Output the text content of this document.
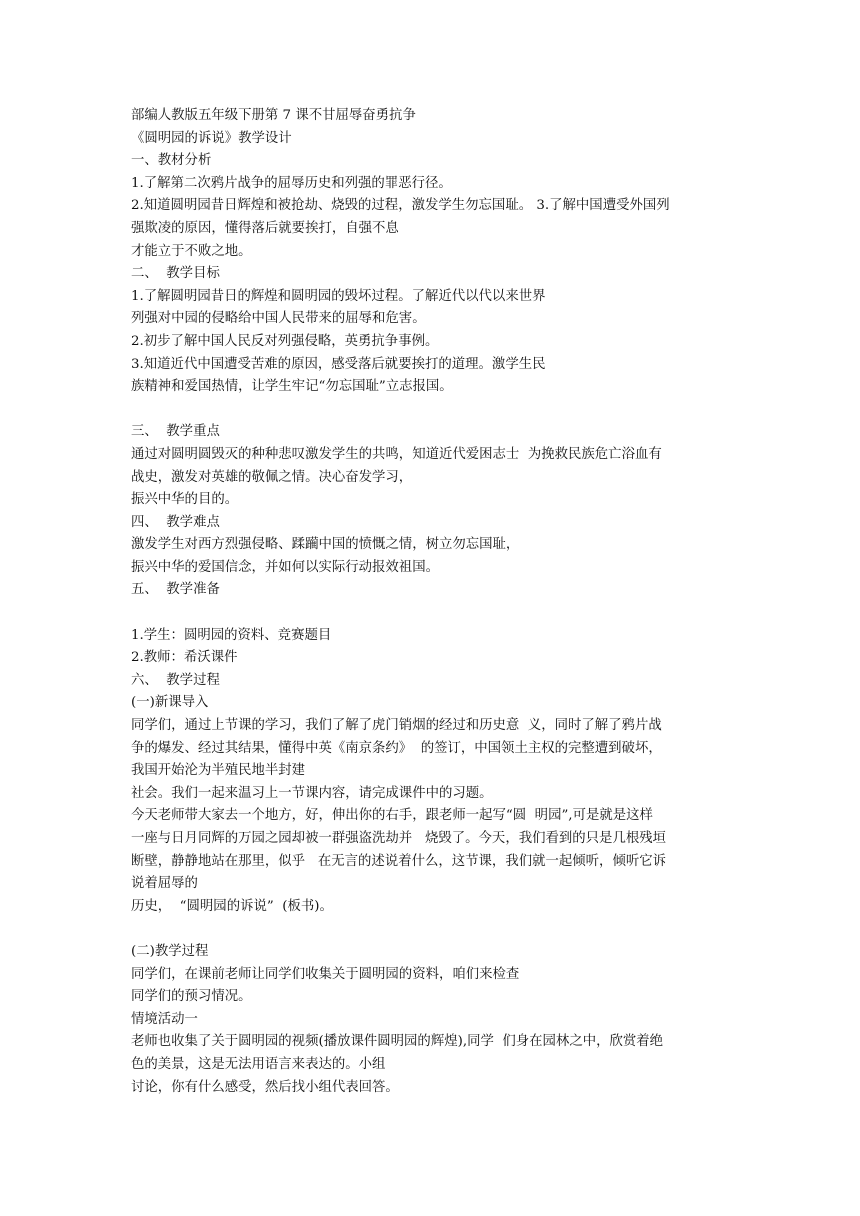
部编人教版五年级下册第 7 课不甘屈辱奋勇抗争
《圆明园的诉说》教学设计
一、教材分析
1.了解第二次鸦片战争的屈辱历史和列强的罪恶行径。
2.知道圆明园昔日辉煌和被抢劫、烧毁的过程，激发学生勿忘国耻。 3.了解中国遭受外国列
强欺凌的原因，懂得落后就要挨打，自强不息
才能立于不败之地。
二、  教学目标
1.了解圆明园昔日的辉煌和圆明园的毁坏过程。了解近代以代以来世界
列强对中园的侵略给中国人民带来的屈辱和危害。
2.初步了解中国人民反对列强侵略，英勇抗争事例。
3.知道近代中国遭受苦难的原因，感受落后就要挨打的道理。激学生民
族精神和爱国热情，让学生牢记“勿忘国耻”立志报国。
三、  教学重点
通过对圆明圆毁灭的种种悲叹激发学生的共鸣，知道近代爱困志士  为挽救民族危亡浴血有
战史，激发对英雄的敬佩之情。决心奋发学习，
振兴中华的目的。
四、  教学难点
激发学生对西方烈强侵略、蹂躏中国的愤慨之情，树立勿忘国耻，
振兴中华的爱国信念，并如何以实际行动报效祖国。
五、  教学准备
1.学生：圆明园的资料、竞赛题目
2.教师：希沃课件
六、  教学过程
(一)新课导入
同学们，通过上节课的学习，我们了解了虎门销烟的经过和历史意  义，同时了解了鸦片战
争的爆发、经过其结果，懂得中英《南京条约》  的签订，中国领土主权的完整遭到破坏，
我国开始沦为半殖民地半封建
社会。我们一起来温习上一节课内容，请完成课件中的习题。
今天老师带大家去一个地方，好，伸出你的右手，跟老师一起写“圆  明园”,可是就是这样
一座与日月同辉的万园之园却被一群强盗洗劫并   烧毁了。今天，我们看到的只是几根残垣
断壁，静静地站在那里，似乎   在无言的述说着什么，这节课，我们就一起倾听，倾听它诉
说着屈辱的
历史，  “圆明园的诉说”  (板书)。
(二)教学过程
同学们，在课前老师让同学们收集关于圆明园的资料，咱们来检查
同学们的预习情况。
情境活动一
老师也收集了关于圆明园的视频(播放课件圆明园的辉煌),同学  们身在园林之中，欣赏着绝
色的美景，这是无法用语言来表达的。小组
讨论，你有什么感受，然后找小组代表回答。
